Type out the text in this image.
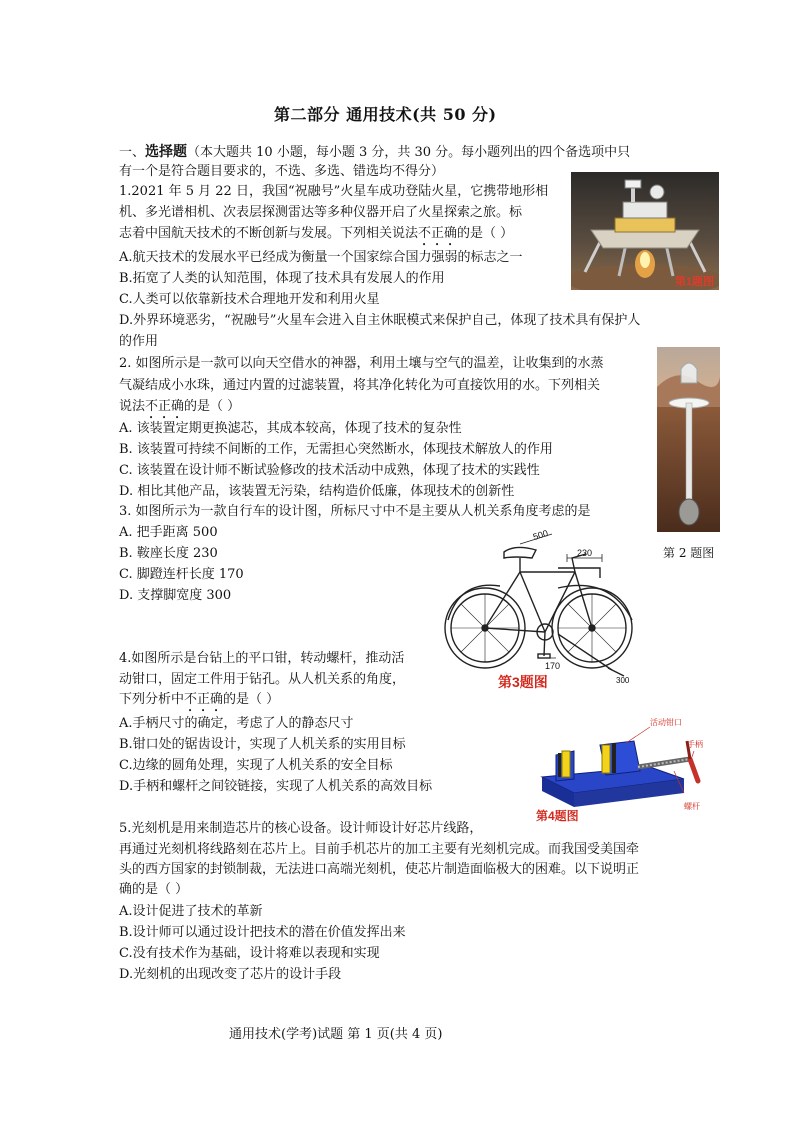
第二部分 通用技术(共 50 分)
一、选择题（本大题共 10 小题，每小题 3 分，共 30 分。每小题列出的四个备选项中只
有一个是符合题目要求的，不选、多选、错选均不得分）
1.2021 年 5 月 22 日，我国“祝融号”火星车成功登陆火星，它携带地形相
机、多光谱相机、次表层探测雷达等多种仪器开启了火星探索之旅。标
志着中国航天技术的不断创新与发展。下列相关说法不正确的是（ ）
A.航天技术的发展水平已经成为衡量一个国家综合国力强弱的标志之一
B.拓宽了人类的认知范围，体现了技术具有发展人的作用
C.人类可以依靠新技术合理地开发和利用火星
D.外界环境恶劣，“祝融号”火星车会进入自主休眠模式来保护自己，体现了技术具有保护人
的作用
第1题图
2. 如图所示是一款可以向天空借水的神器，利用土壤与空气的温差，让收集到的水蒸
气凝结成小水珠，通过内置的过滤装置，将其净化转化为可直接饮用的水。下列相关
说法不正确的是（ ）
A. 该装置定期更换滤芯，其成本较高，体现了技术的复杂性
B. 该装置可持续不间断的工作，无需担心突然断水，体现技术解放人的作用
C. 该装置在设计师不断试验修改的技术活动中成熟，体现了技术的实践性
D. 相比其他产品，该装置无污染，结构造价低廉，体现技术的创新性
第 2 题图
3. 如图所示为一款自行车的设计图，所标尺寸中不是主要从人机关系角度考虑的是
A. 把手距离 500
B. 鞍座长度 230
C. 脚蹬连杆长度 170
D. 支撑脚宽度 300
500
230
170
300
第3题图
4.如图所示是台钻上的平口钳，转动螺杆，推动活
动钳口，固定工件用于钻孔。从人机关系的角度，
下列分析中不正确的是（ ）
A.手柄尺寸的确定，考虑了人的静态尺寸
B.钳口处的锯齿设计，实现了人机关系的实用目标
C.边缘的圆角处理，实现了人机关系的安全目标
D.手柄和螺杆之间铰链接，实现了人机关系的高效目标
活动钳口
手柄
螺杆
第4题图
5.光刻机是用来制造芯片的核心设备。设计师设计好芯片线路，
再通过光刻机将线路刻在芯片上。目前手机芯片的加工主要有光刻机完成。而我国受美国牵
头的西方国家的封锁制裁，无法进口高端光刻机，使芯片制造面临极大的困难。以下说明正
确的是（ ）
A.设计促进了技术的革新
B.设计师可以通过设计把技术的潜在价值发挥出来
C.没有技术作为基础，设计将难以表现和实现
D.光刻机的出现改变了芯片的设计手段
通用技术(学考)试题 第 1 页(共 4 页)
